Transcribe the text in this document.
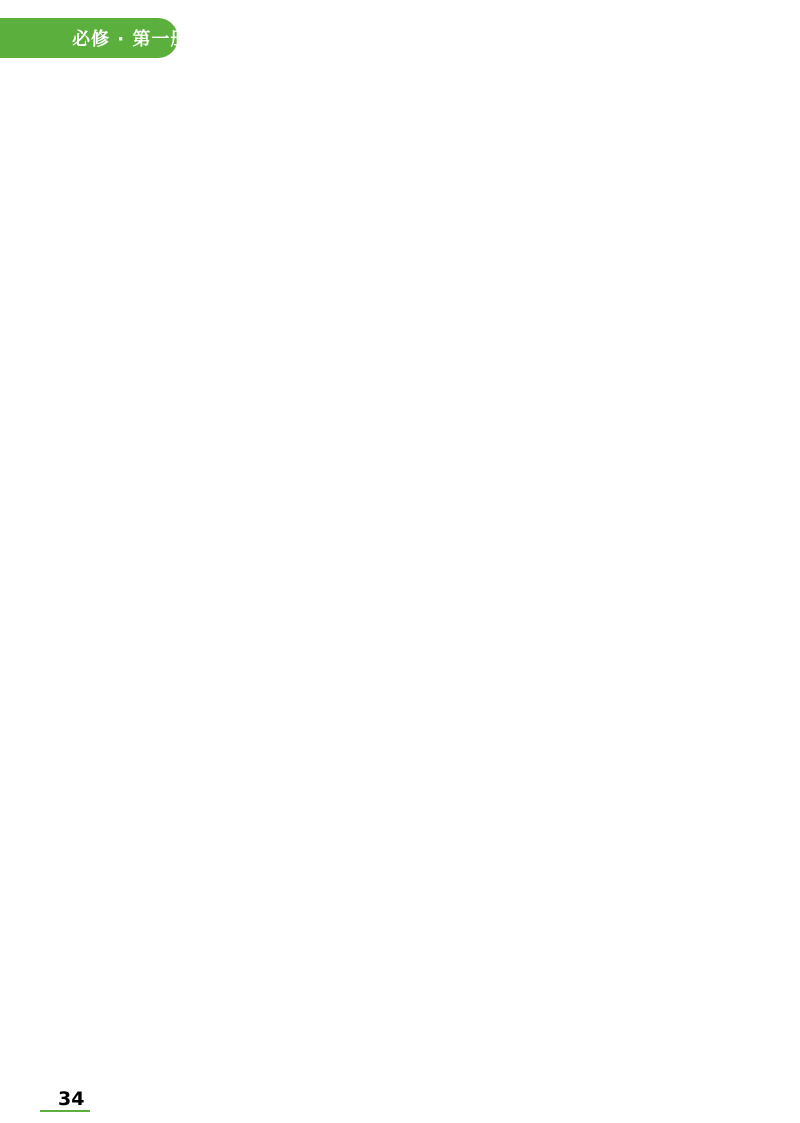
必修 · 第一册
34
